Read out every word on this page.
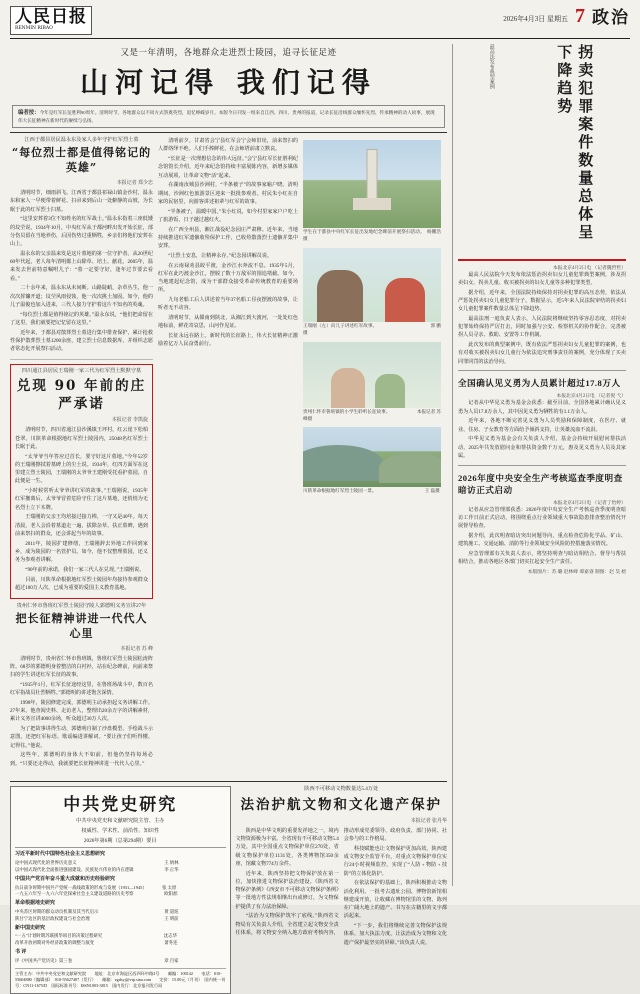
人民日报
RENMIN RIBAO
2026年4月3日 星期五 7 政治
又是一年清明，各地群众走进烈士陵园，追寻长征足迹
山河记得 我们记得
编者按：今年是红军长征胜利90周年。清明时节，各地群众以不同方式祭奠英烈，追忆峥嵘岁月。本版今日刊发一组来自江西、四川、贵州的报道，记录长征沿线群众缅怀先烈、传承精神的动人故事，展现伟大长征精神在新时代的赓续与弘扬。
江西于都县居民温永东及家人多年守护红军烈士墓
“每位烈士都是值得铭记的英雄”
本报记者 郑少忠

清明时节，细雨斜飞。江西省于都县祁禄山镇金沙村，温永东和家人一早便带着鲜花、扫帚来到后山一处僻静的山坡，为长眠于此的红军烈士扫墓。

“这里安葬着3位不知姓名的红军战士。”温永东指着三座低矮的坟茔说，1934年10月，中央红军从于都河畔出发开始长征，部分伤员留在当地养伤，后因伤势过重牺牲，乡亲们将他们安葬在山上。

温永东的父亲温来发是这片墓地的第一位守护者。从20世纪60年代起，老人每年清明都上山除草、培土、献花。2005年，温来发去世前特意嘱咐儿子：“墓一定要守好，逢年过节要去看看。”

二十余年来，温永东从未间断。山路陡峭，杂草丛生，他一次次挥镰开道；坟茔风雨侵蚀，他一次次挑土加固。如今，他的儿子温俊也加入进来，三代人接力守护着这片不知名的英魂。

“每位烈士都是值得铭记的英雄。”温永东说，“他们把命留在了这里，我们就要把记忆留在这里。”

近年来，于都县对散葬烈士墓进行集中排查保护，累计抢救性保护散葬烈士墓1200余座，建立烈士信息数据库，并组织志愿者常态化开展祭扫活动。

四川通江县居民王瑞刚一家三代为红军烈士默默守墓
兑现 90 年前的庄严承诺
本报记者 李凯旋

清明时节，四川省通江县沙溪镇王坪村，红云崖下松柏苍翠。川陕革命根据地红军烈士陵园内，25048名红军烈士长眠于此。

“太爷爷当年答应过首长，要守好这片墓地。”今年52岁的王瑞刚擦拭着墓碑上的尘土说。1934年，红四方面军在这里建立烈士陵园，王瑞刚的太爷爷王建刚受托看护墓园，自此便是一生。

“小时候常听太爷爷讲红军的故事。”王瑞刚说，1935年红军撤离后，太爷爷冒着危险守住了这片墓地，还悄悄为无名烈士立下木牌。

王瑞刚的父亲王均培接过接力棒，一守又是40年。每天清晨，老人会沿着墓道走一遍，拔除杂草、扶正墓碑，遇到前来祭扫的群众，还会讲起当年的故事。

2011年，陵园扩建修缮，王瑞刚辞去外地工作回到家乡，成为陵园的一名管护员。如今，他不仅整理墓园，还义务为参观者讲解。

“90年前的承诺，我们一家三代人在兑现。”王瑞刚说。

目前，川陕革命根据地红军烈士陵园年均接待参观群众超过100万人次，已成为重要的爱国主义教育基地。

贵州仁怀市鲁班红军烈士陵园守陵人郭德明义务宣讲27年
把长征精神讲进一代代人心里
本报记者 苏 峰

清明时节，贵州省仁怀市鲁班镇，鲁班红军烈士陵园松涛阵阵。68岁的郭德明身着整洁的白衬衫，站在纪念碑前，向前来祭扫的学生讲述红军长征的故事。

“1935年1月，红军长征途经这里，在鲁班场战斗中，数百名红军指战员壮烈牺牲。”郭德明的讲述饱含深情。

1998年，陵园修建完成，郭德明主动承担起义务讲解工作。27年来，他查阅史料、走访老人，整理出20余万字的讲解素材，累计义务宣讲4000余场，听众超过30万人次。

为了把故事讲得生动，郭德明自制了沙盘模型、手绘战斗示意图，还把红军标语、歌谣编进讲解词。“要让孩子们听得懂、记得住。”他说。

这些年，郭德明的身体大不如前，但他仍坚持每场必到。“只要还走得动，我就要把长征精神讲进一代代人心里。”

清明前夕，甘肃省会宁县红军会宁会师旧址，前来祭扫的人群络绎不绝。人们手捧鲜花，在会师塔前肃立默哀。

“长征是一次理想信念的伟大远征。”会宁县红军长征胜利纪念馆馆长介绍，近年来纪念馆持续丰富展陈内容，新增多媒体互动展项，让革命文物“活”起来。

在湖南汝城县沙洲村，“半条被子”的故事家喻户晓。清明期间，沙洲红色旅游景区迎来一批批参观者。村民朱小红在自家的民宿里，向游客讲述祖辈与红军的故事。

“半条被子，温暖中国。”朱小红说，如今村里家家户户吃上了旅游饭，日子越过越红火。

在广西全州县，湘江战役纪念园庄严肃穆。近年来，当地持续推进红军遗骸收殓保护工作，已收殓散落烈士遗骸并集中安葬。

“让烈士安息，让精神永存。”纪念园讲解员说。

在云南禄劝县皎平渡，金沙江水奔流不息。1935年5月，红军在此巧渡金沙江，摆脱了数十万敌军的围追堵截。如今，当地建起纪念馆，成为干部群众接受革命传统教育的重要场所。

九旬老船工后人讲述着当年37名船工昼夜摆渡的故事，让听者无不动容。

清明时节，从赣南到陕北，从湘江到大渡河，一处处红色地标前，鲜花寄哀思，山河作见证。

长征永远在路上。新时代的长征路上，伟大长征精神正激励着亿万人民奋勇前行。

学生在于都县中央红军长征出发地纪念碑前开展祭扫活动。　杨鹏浩摄
王瑞刚（左）向儿子讲述红军故事。　　　　　　　　　　　　郭 鹏摄
贵州仁怀市鲁班镇的小学生聆听长征故事。　　　　　　 本报记者 苏 峰摄
川陕革命根据地红军烈士陵园一景。　　　　　　　　　　　王 磊摄
中共党史研究
中共中央党史和文献研究院主管、主办
权威性、学术性、前沿性、知识性
2026年第6期（总第294期）要目
习近平新时代中国特色社会主义思想研究
论中国式现代化的世界历史意义　　　　　　　　　　　　　　　　　　　　王 炳林
以中国式现代化全面推进强国建设、民族复兴伟业的内在逻辑　　　　　　　李 正华
中国共产党百年奋斗重大成就和历史经验研究
抗日战争时期中国共产党统一战线政策的形成与发展（1931—1945）　　　　张 太原
一九五六年至一九六六年党探索社会主义建设道路的历史考察　　　　　　　欧阳淞
革命根据地史研究
中央苏区时期的群众动员机制及其当代启示　　　　　　　　　　　　　　　黄 道炫
陕甘宁边区的基层政权建设与社会治理　　　　　　　　　　　　　　　　　王 明前
新中国史研究
“一五”计划时期苏联援华项目的决策过程研究　　　　　　　　　　　　　　沈志华
改革开放初期对外经济政策的调整与演变　　　　　　　　　　　　　　　　萧冬连
书 评
评《中国共产党历史》第三卷　　　　　　　　　　　　　　　　　　　　　章 百家
主管主办：中共中央党史和文献研究院　　地址：北京市海淀区西四环中路2号　　邮编：100142　　电话：010-55604880（编辑部）　010-55627407（发行）　　邮箱：zgdsyj@vip.sina.com　　定价：15.00元（月刊）　国内统一刊号：CN11-1675/D　国际标准刊号：ISSN1003-3815　国内发行：北京报刊发行局
陕西不可移动文物数量达5.4万处
法治护航文物和文化遗产保护
本报记者 张丹华

陕西是中华文明的重要发祥地之一，境内文物资源极为丰富。全省现有不可移动文物5.4万处，其中全国重点文物保护单位270处，省级文物保护单位1131处，各类博物馆350余座，馆藏文物774万余件。

近年来，陕西坚持把文物保护放在第一位，加快推进文物保护法治建设。《陕西省文物保护条例》《西安市不可移动文物保护条例》等一批地方性法规相继出台或修订，为文物保护提供了有力法治保障。

“法治为文物保护筑牢了底线。”陕西省文物局有关负责人介绍，全省建立起文物安全责任体系，将文物安全纳入地方政府考核内容，推动形成党委领导、政府负责、部门协同、社会参与的工作格局。

科技赋能也让文物保护更加高效。陕西建成文物安全监管平台，对重点文物保护单位实行24小时视频监控，实现了“人防﹢物防﹢技防”的立体化防护。

在依法保护的基础上，陕西积极推动文物活化利用。一批考古遗址公园、博物馆新馆相继建成开放，让收藏在博物馆里的文物、陈列在广阔大地上的遗产、书写在古籍里的文字都活起来。

“下一步，我们将继续完善文物保护法规体系，加大执法力度，让法治成为文物和文化遗产保护最坚实的屏障。”该负责人说。

最高法发布典型案例	拐卖犯罪案件数量总体呈下降趋势
本报北京4月2日电 （记者魏哲哲）

最高人民法院今天发布依法惩治拐卖妇女儿童犯罪典型案例，涉及拐卖妇女、拐卖儿童、收买被拐卖的妇女儿童等多种犯罪类型。

据介绍，近年来，全国法院持续保持对拐卖犯罪的高压态势，依法从严惩处拐卖妇女儿童犯罪分子。数据显示，近5年来人民法院审结的拐卖妇女儿童犯罪案件数量总体呈下降趋势。

最高法刑一庭负责人表示，人民法院将继续坚持零容忍态度，对拐卖犯罪始终保持严厉打击，同时加强与公安、检察机关的协作配合，完善被拐人员寻亲、救助、安置等工作机制。

此次发布的典型案例中，既有依法严惩拐卖妇女儿童犯罪的案例，也有对收买被拐卖妇女儿童行为依法追究刑事责任的案例，充分体现了买卖同罪同罚的法治导向。

全国确认见义勇为人员累计超过17.8万人
本报北京4月2日电 （记者倪 弋）

记者从中华见义勇为基金会获悉：截至目前，全国各地累计确认见义勇为人员17.8万余人，其中因见义勇为牺牲的有1.1万余人。

近年来，各地不断完善见义勇为人员奖励和保障制度，在医疗、就业、住房、子女教育等方面给予倾斜支持，让英雄流血不流泪。

中华见义勇为基金会有关负责人介绍，基金会持续开展慰问帮扶活动，2025年共发放慰问金和帮扶资金数千万元，惠及见义勇为人员及其家属。

2026年度中央安全生产考核巡查季度明查暗访正式启动
本报北京4月2日电 （记者丁怡婷）

记者从应急管理部获悉：2026年度中央安全生产考核巡查季度明查暗访工作日前正式启动，将围绕重点行业领域重大事故隐患排查整治情况开展督导检查。

据介绍，此次明查暗访突出问题导向，重点检查危险化学品、矿山、建筑施工、交通运输、消防等行业领域安全风险防控措施落实情况。

应急管理部有关负责人表示，将坚持明查与暗访相结合、督导与帮扶相结合，推动各地区各部门切实扛起安全生产责任。

本版图片：苏 璐 赵林峰 谭嘉睿 制图：赵 昊 榜
